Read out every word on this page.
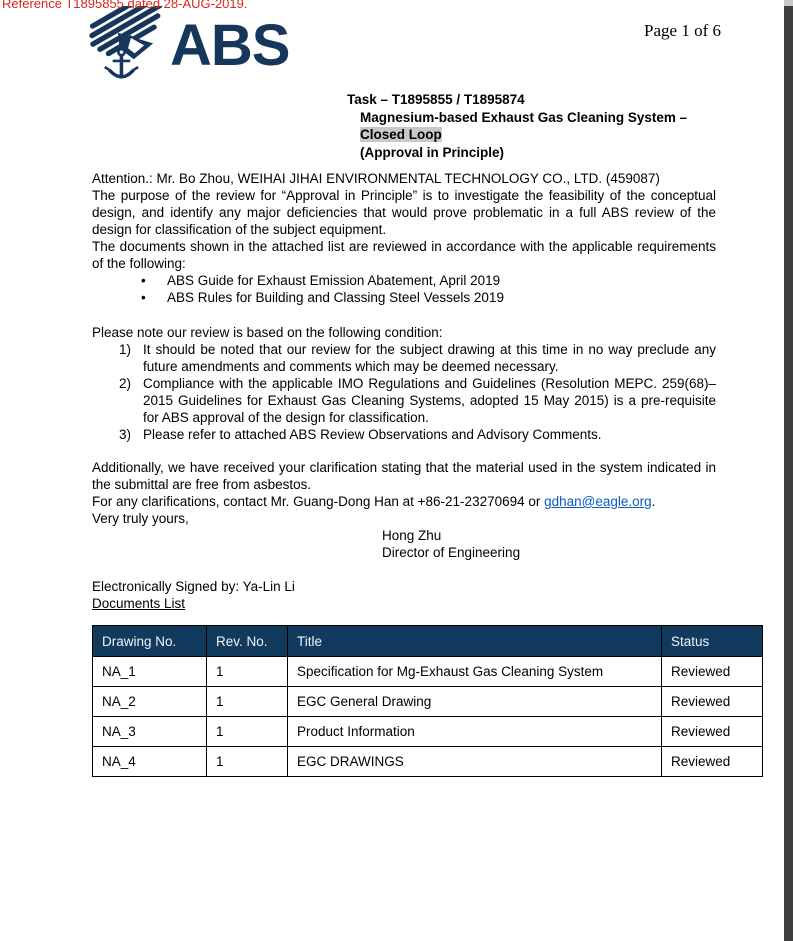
Reference T1895855 dated 28-AUG-2019.
ABS	Page 1 of 6
Task – T1895855 / T1895874
Magnesium-based Exhaust Gas Cleaning System –
Closed Loop
(Approval in Principle)

Attention.: Mr. Bo Zhou, WEIHAI JIHAI ENVIRONMENTAL TECHNOLOGY CO., LTD. (459087)

The purpose of the review for “Approval in Principle” is to investigate the feasibility of the conceptual design, and identify any major deficiencies that would prove problematic in a full ABS review of the design for classification of the subject equipment.

The documents shown in the attached list are reviewed in accordance with the applicable requirements of the following:

• ABS Guide for Exhaust Emission Abatement, April 2019
• ABS Rules for Building and Classing Steel Vessels 2019

Please note our review is based on the following condition:

1) It should be noted that our review for the subject drawing at this time in no way preclude any future amendments and comments which may be deemed necessary.
2) Compliance with the applicable IMO Regulations and Guidelines (Resolution MEPC. 259(68)– 2015 Guidelines for Exhaust Gas Cleaning Systems, adopted 15 May 2015) is a pre-requisite for ABS approval of the design for classification.
3) Please refer to attached ABS Review Observations and Advisory Comments.

Additionally, we have received your clarification stating that the material used in the system indicated in the submittal are free from asbestos.

For any clarifications, contact Mr. Guang-Dong Han at +86-21-23270694 or gdhan@eagle.org.

Very truly yours,

Hong Zhu
Director of Engineering

Electronically Signed by: Ya-Lin Li

Documents List
Drawing No.	Rev. No.	Title	Status
NA_1	1	Specification for Mg-Exhaust Gas Cleaning System	Reviewed
NA_2	1	EGC General Drawing	Reviewed
NA_3	1	Product Information	Reviewed
NA_4	1	EGC DRAWINGS	Reviewed
